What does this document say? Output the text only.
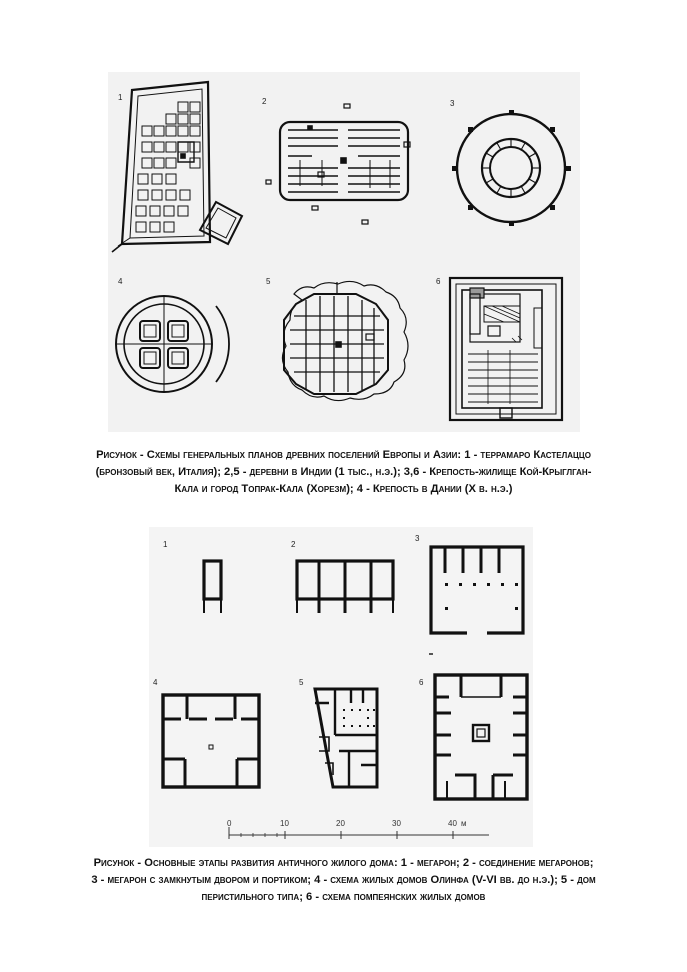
1	2	3
4	5	6
Рисунок - Схемы генеральных планов древних поселений Европы и Азии: 1 - террамаро Кастелаццо (бронзовый век, Италия); 2,5 - деревни в Индии (1 тыс., н.э.); 3,6 - Крепость-жилище Кой-Крыглган-Кала и город Топрак-Кала (Хорезм); 4 - Крепость в Дании (X в. н.э.)
0	10	20	30	40 м
1	2
3
4	5	6
Рисунок - Основные этапы развития античного жилого дома: 1 - мегарон; 2 - соединение мегаронов; 3 - мегарон с замкнутым двором и портиком; 4 - схема жилых домов Олинфа (V-VI вв. до н.э.); 5 - дом перистильного типа; 6 - схема помпеянских жилых домов
